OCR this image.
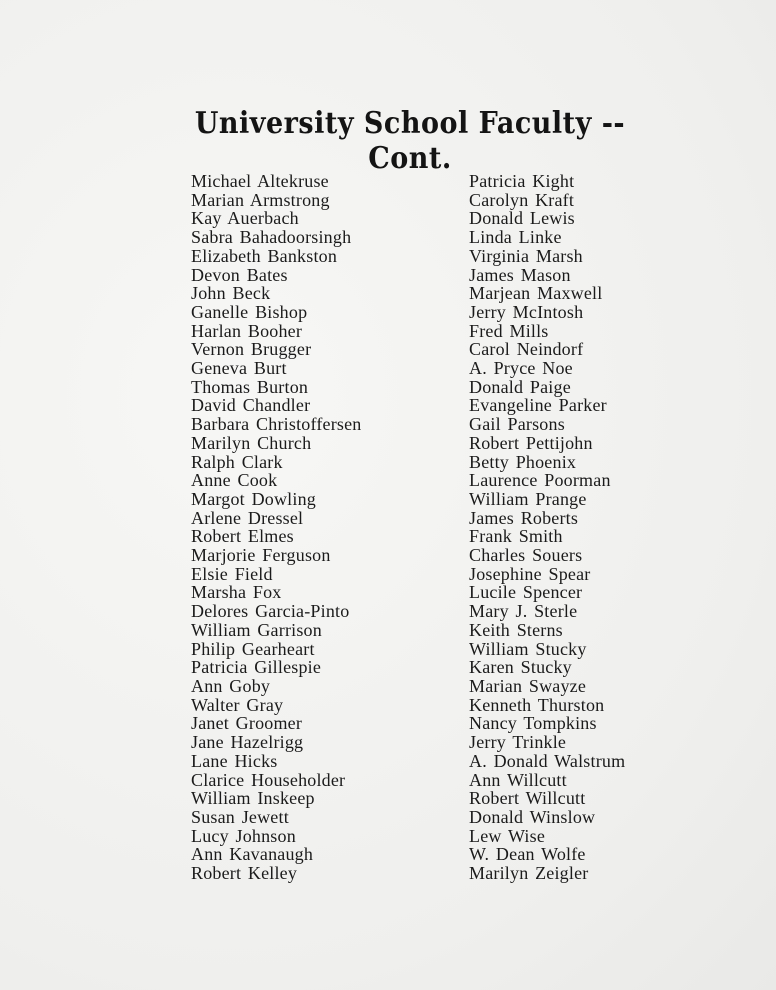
University School Faculty -- Cont.
Michael Altekruse
Marian Armstrong
Kay Auerbach
Sabra Bahadoorsingh
Elizabeth Bankston
Devon Bates
John Beck
Ganelle Bishop
Harlan Booher
Vernon Brugger
Geneva Burt
Thomas Burton
David Chandler
Barbara Christoffersen
Marilyn Church
Ralph Clark
Anne Cook
Margot Dowling
Arlene Dressel
Robert Elmes
Marjorie Ferguson
Elsie Field
Marsha Fox
Delores Garcia-Pinto
William Garrison
Philip Gearheart
Patricia Gillespie
Ann Goby
Walter Gray
Janet Groomer
Jane Hazelrigg
Lane Hicks
Clarice Householder
William Inskeep
Susan Jewett
Lucy Johnson
Ann Kavanaugh
Robert Kelley
Patricia Kight
Carolyn Kraft
Donald Lewis
Linda Linke
Virginia Marsh
James Mason
Marjean Maxwell
Jerry McIntosh
Fred Mills
Carol Neindorf
A. Pryce Noe
Donald Paige
Evangeline Parker
Gail Parsons
Robert Pettijohn
Betty Phoenix
Laurence Poorman
William Prange
James Roberts
Frank Smith
Charles Souers
Josephine Spear
Lucile Spencer
Mary J. Sterle
Keith Sterns
William Stucky
Karen Stucky
Marian Swayze
Kenneth Thurston
Nancy Tompkins
Jerry Trinkle
A. Donald Walstrum
Ann Willcutt
Robert Willcutt
Donald Winslow
Lew Wise
W. Dean Wolfe
Marilyn Zeigler
